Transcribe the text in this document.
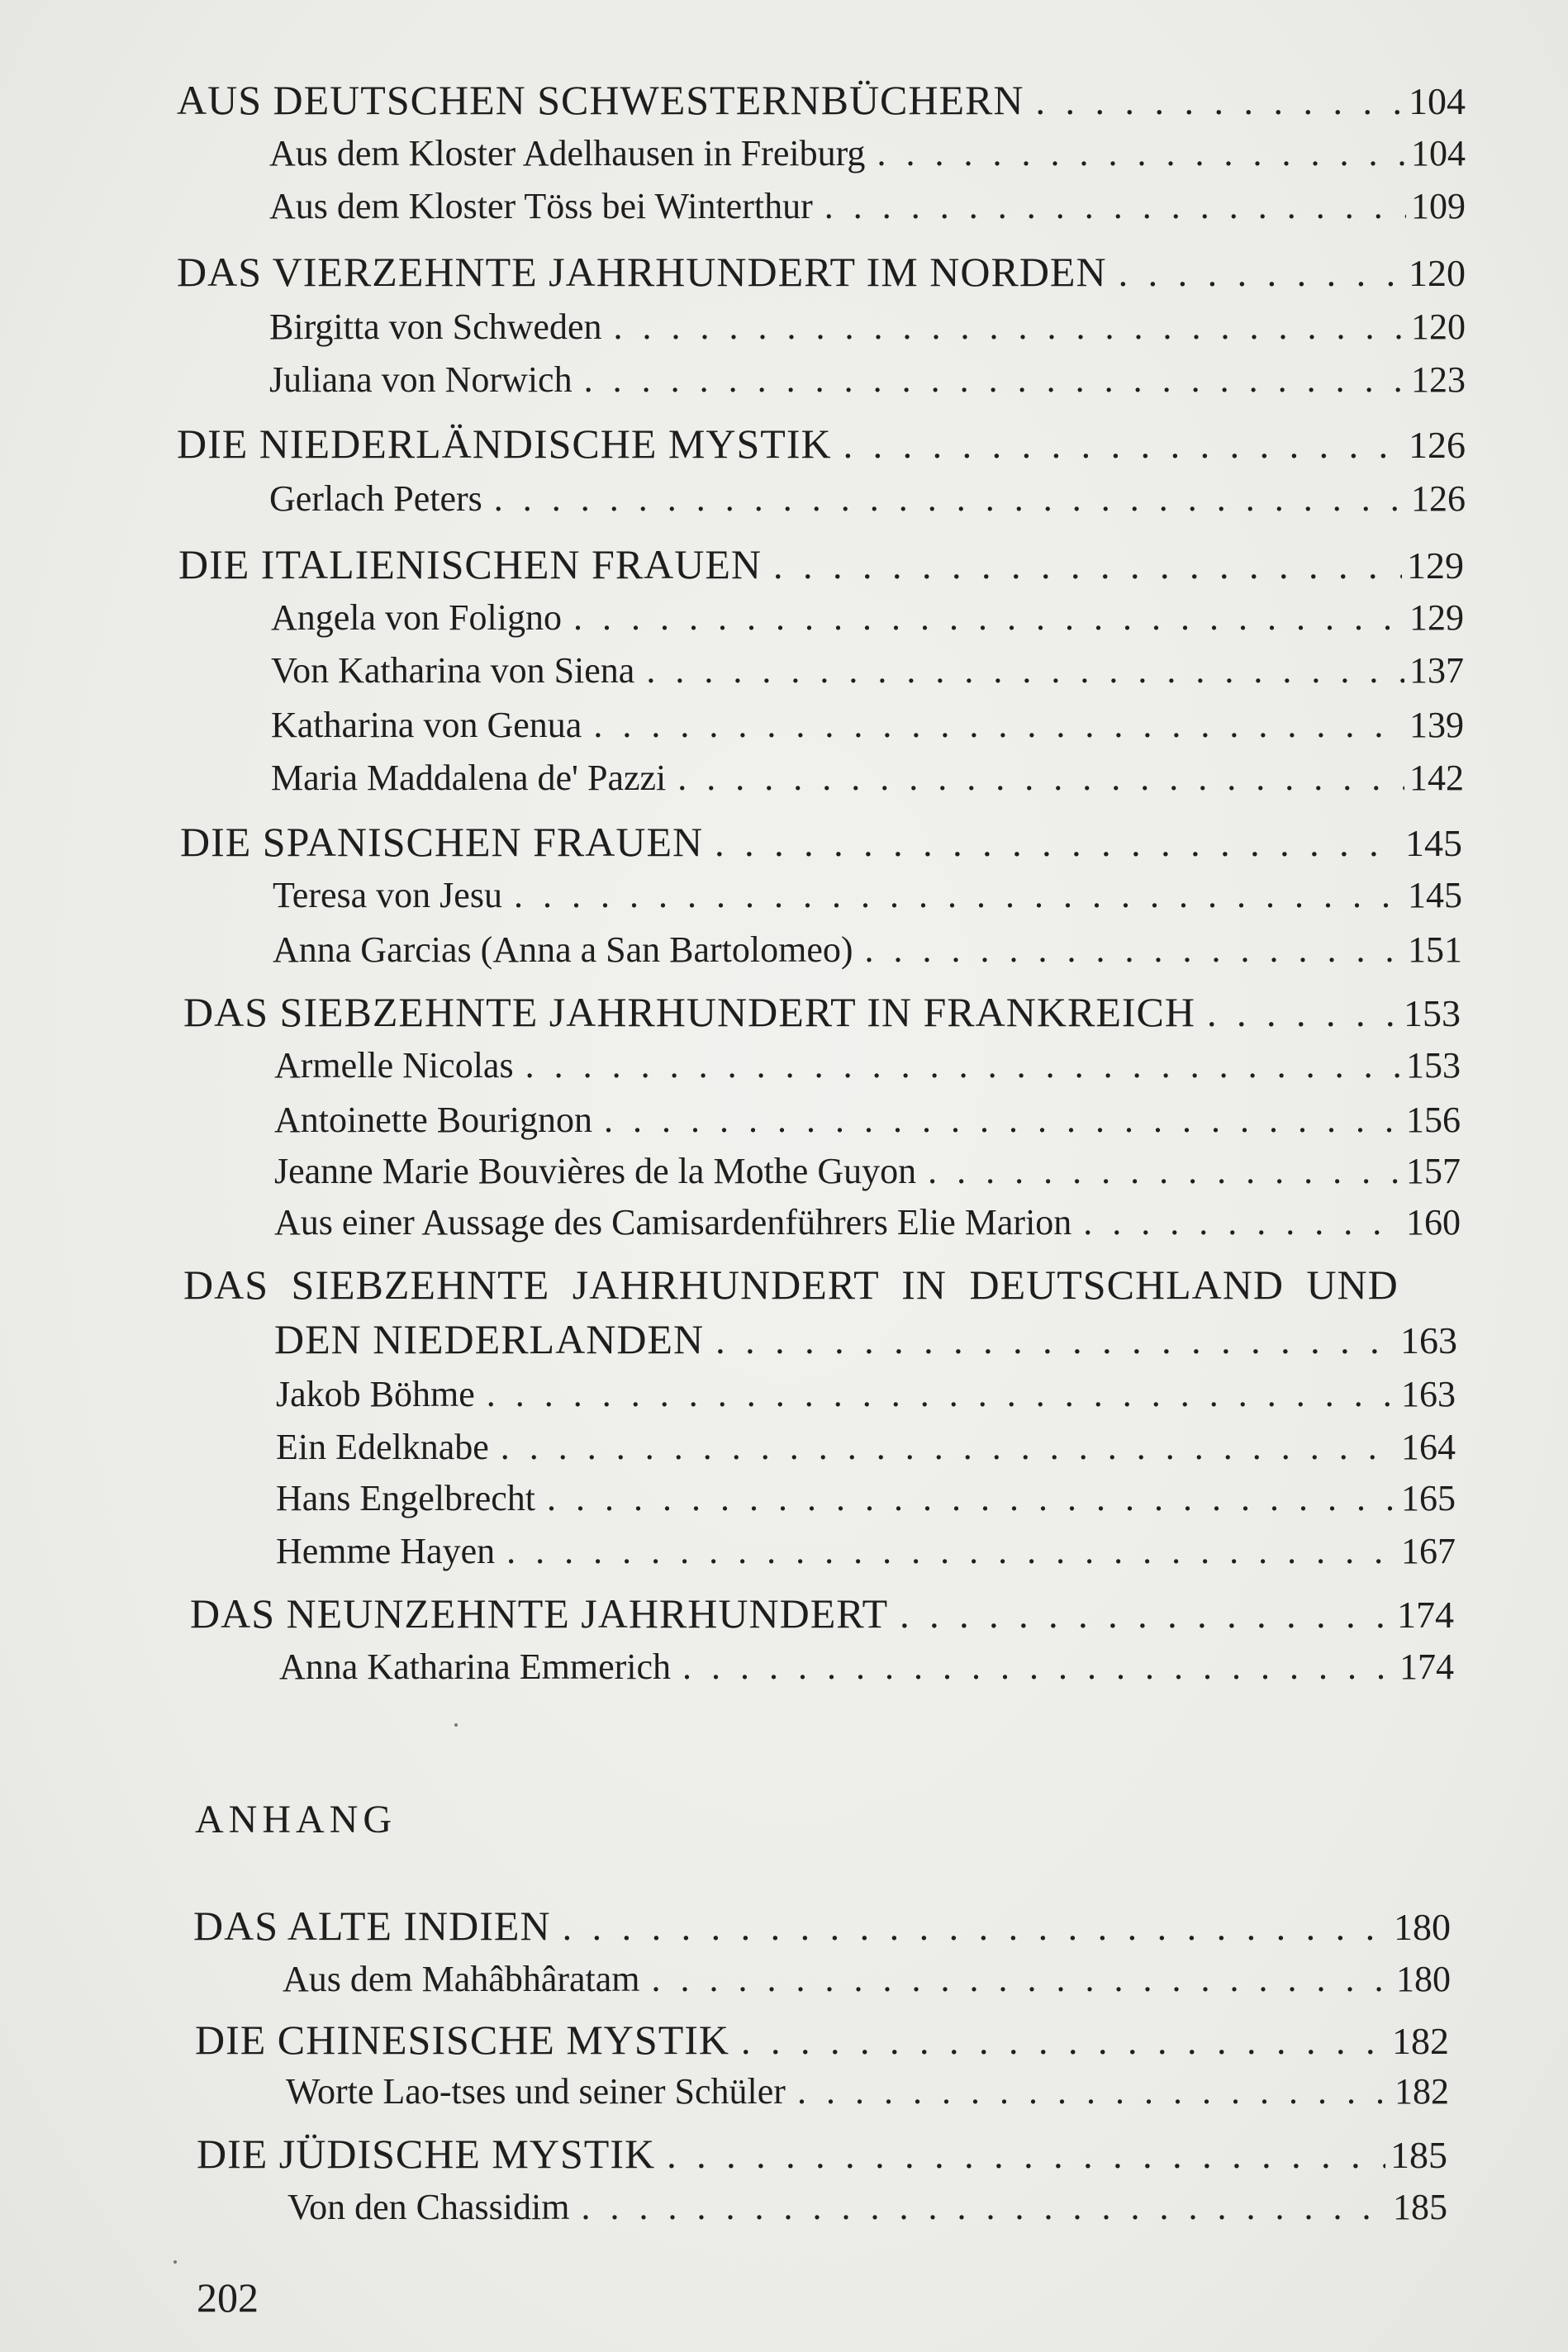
AUS DEUTSCHEN SCHWESTERNBÜCHERN . . .	104
Aus dem Kloster Adelhausen in Freiburg . . .	104
Aus dem Kloster Töss bei Winterthur . . .	109
DAS VIERZEHNTE JAHRHUNDERT IM NORDEN . . .	120
Birgitta von Schweden . . .	120
Juliana von Norwich . . .	123
DIE NIEDERLÄNDISCHE MYSTIK . . .	126
Gerlach Peters . . .	126
DIE ITALIENISCHEN FRAUEN . . .	129
Angela von Foligno . . .	129
Von Katharina von Siena . . .	137
Katharina von Genua . . .	139
Maria Maddalena de' Pazzi . . .	142
DIE SPANISCHEN FRAUEN . . .	145
Teresa von Jesu . . .	145
Anna Garcias (Anna a San Bartolomeo) . . .	151
DAS SIEBZEHNTE JAHRHUNDERT IN FRANKREICH . . .	153
Armelle Nicolas . . .	153
Antoinette Bourignon . . .	156
Jeanne Marie Bouvières de la Mothe Guyon . . .	157
Aus einer Aussage des Camisardenführers Elie Marion . . .	160
DAS SIEBZEHNTE JAHRHUNDERT IN DEUTSCHLAND UND
DEN NIEDERLANDEN . . .	163
Jakob Böhme . . .	163
Ein Edelknabe . . .	164
Hans Engelbrecht . . .	165
Hemme Hayen . . .	167
DAS NEUNZEHNTE JAHRHUNDERT . . .	174
Anna Katharina Emmerich . . .	174
ANHANG
DAS ALTE INDIEN . . .	180
Aus dem Mahâbhâratam . . .	180
DIE CHINESISCHE MYSTIK . . .	182
Worte Lao-tses und seiner Schüler . . .	182
DIE JÜDISCHE MYSTIK . . .	185
Von den Chassidim . . .	185
202
